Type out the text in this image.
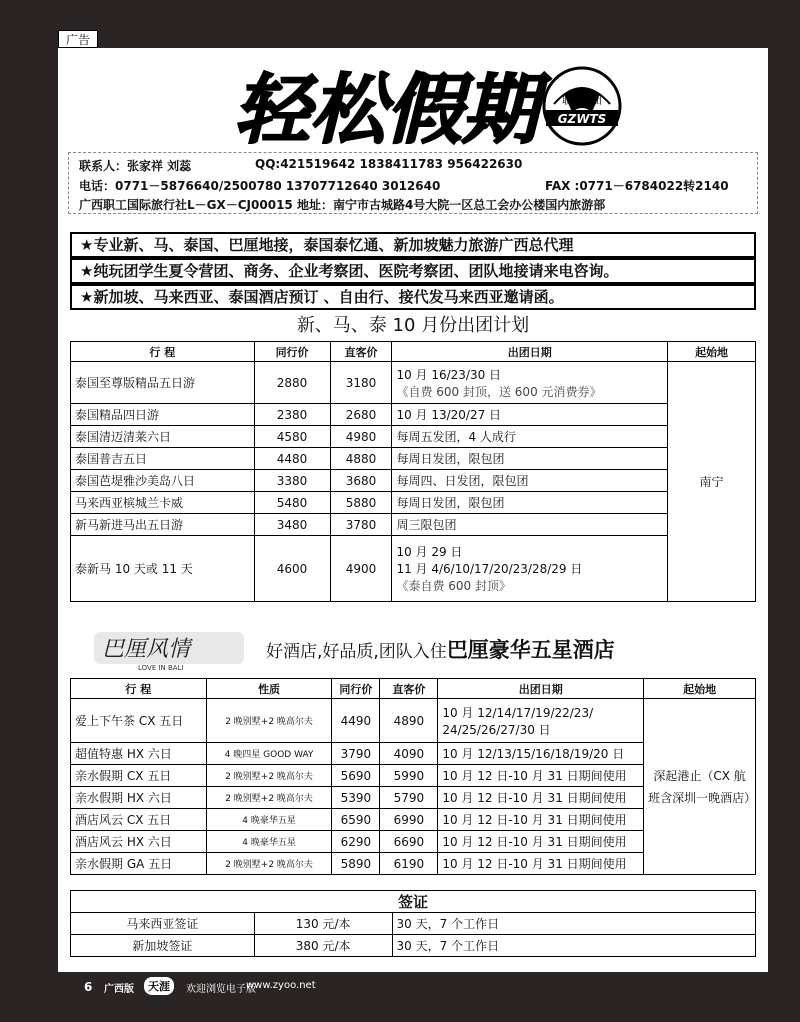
广告
轻松假期	GZWTS
职旅集团
联系人：张家祥 刘蕊	QQ:421519642 1838411783 956422630
电话：0771－5876640/2500780 13707712640 3012640	FAX :0771－6784022转2140
广西职工国际旅行社L－GX－CJ00015 地址：南宁市古城路4号大院一区总工会办公楼国内旅游部
★专业新、马、泰国、巴厘地接，泰国泰忆通、新加坡魅力旅游广西总代理
★纯玩团学生夏令营团、商务、企业考察团、医院考察团、团队地接请来电咨询。
★新加坡、马来西亚、泰国酒店预订 、自由行、接代发马来西亚邀请函。
新、马、泰 10 月份出团计划
行 程	同行价	直客价	出团日期	起始地
泰国至尊版精品五日游	2880	3180	10 月 16/23/30 日
《自费 600 封顶，送 600 元消费券》	南宁
泰国精品四日游	2380	2680	10 月 13/20/27 日	

泰国清迈清莱六日	4580	4980	每周五发团，4 人成行	

泰国普吉五日	4480	4880	每周日发团，限包团	

泰国芭堤雅沙美岛八日	3380	3680	每周四、日发团，限包团	

马来西亚槟城兰卡威	5480	5880	每周日发团，限包团	

新马新进马出五日游	3480	3780	周三限包团	

泰新马 10 天或 11 天	4600	4900	10 月 29 日
11 月 4/6/10/17/20/23/28/29 日
《泰自费 600 封顶》	
巴厘风情
LOVE IN BALI
好酒店,好品质,团队入住巴厘豪华五星酒店
行 程	性质	同行价	直客价	出团日期	起始地
爱上下午茶 CX 五日	2 晚别墅+2 晚高尔夫	4490	4890	10 月 12/14/17/19/22/23/
24/25/26/27/30 日	深起港止（CX 航班含深圳一晚酒店）
超值特惠 HX 六日	4 晚四星 GOOD WAY	3790	4090	10 月 12/13/15/16/18/19/20 日	

亲水假期 CX 五日	2 晚别墅+2 晚高尔夫	5690	5990	10 月 12 日-10 月 31 日期间使用	

亲水假期 HX 六日	2 晚别墅+2 晚高尔夫	5390	5790	10 月 12 日-10 月 31 日期间使用	

酒店风云 CX 五日	4 晚豪华五星	6590	6990	10 月 12 日-10 月 31 日期间使用	

酒店风云 HX 六日	4 晚豪华五星	6290	6690	10 月 12 日-10 月 31 日期间使用	

亲水假期 GA 五日	2 晚别墅+2 晚高尔夫	5890	6190	10 月 12 日-10 月 31 日期间使用	
签证		
马来西亚签证	130 元/本	30 天，7 个工作日
新加坡签证	380 元/本	30 天，7 个工作日
6 广西版	天涯	欢迎浏览电子版
www.zyoo.net
